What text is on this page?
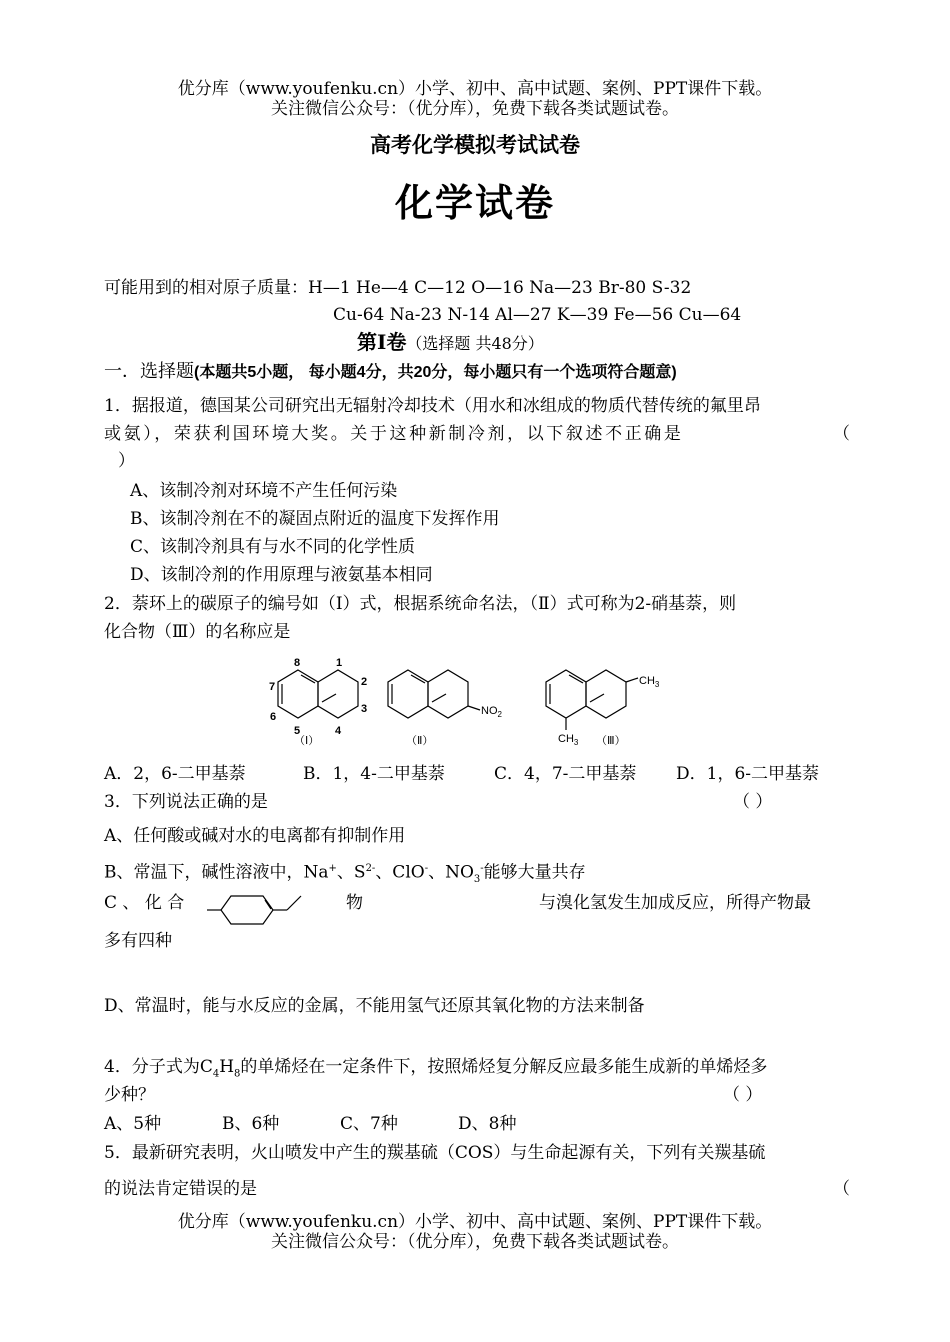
优分库（www.youfenku.cn）小学、初中、高中试题、案例、PPT课件下载。
关注微信公众号：（优分库），免费下载各类试题试卷。
高考化学模拟考试试卷
化学试卷
可能用到的相对原子质量：H—1 He—4 C—12 O—16 Na—23 Br-80 S-32
Cu-64 Na-23 N-14 Al—27 K—39 Fe—56 Cu—64
第Ⅰ卷（选择题 共48分）
一．选择题(本题共5小题， 每小题4分，共20分，每小题只有一个选项符合题意)
1．据报道，德国某公司研究出无辐射冷却技术（用水和冰组成的物质代替传统的氟里昂
或氨），荣获利国环境大奖。关于这种新制冷剂，以下叙述不正确是	（
）
A、该制冷剂对环境不产生任何污染
B、该制冷剂在不的凝固点附近的温度下发挥作用
C、该制冷剂具有与水不同的化学性质
D、该制冷剂的作用原理与液氨基本相同
2．萘环上的碳原子的编号如（Ⅰ）式，根据系统命名法，（Ⅱ）式可称为2-硝基萘，则
化合物（Ⅲ）的名称应是
8	1
2
3
4
5
6
7
$NO_2$
$CH_3$
$CH_3$
（Ⅰ）	（Ⅱ）	（Ⅲ）
A．2，6-二甲基萘	B．1，4-二甲基萘	C．4，7-二甲基萘 D．1，6-二甲基萘
3．下列说法正确的是	（ ）
A、任何酸或碱对水的电离都有抑制作用
B、常温下，碱性溶液中，Na+、$S^{2-}$、ClO-、$NO_3^-$能够大量共存
C 、 化 合	物	与溴化氢发生加成反应，所得产物最
多有四种
D、常温时，能与水反应的金属，不能用氢气还原其氧化物的方法来制备
4．分子式为$C_4H_8$的单烯烃在一定条件下，按照烯烃复分解反应最多能生成新的单烯烃多
少种？	（ ）
A、5种	B、6种	C、7种	D、8种
5．最新研究表明，火山喷发中产生的羰基硫（COS）与生命起源有关，下列有关羰基硫
的说法肯定错误的是	（
优分库（www.youfenku.cn）小学、初中、高中试题、案例、PPT课件下载。
关注微信公众号：（优分库），免费下载各类试题试卷。
